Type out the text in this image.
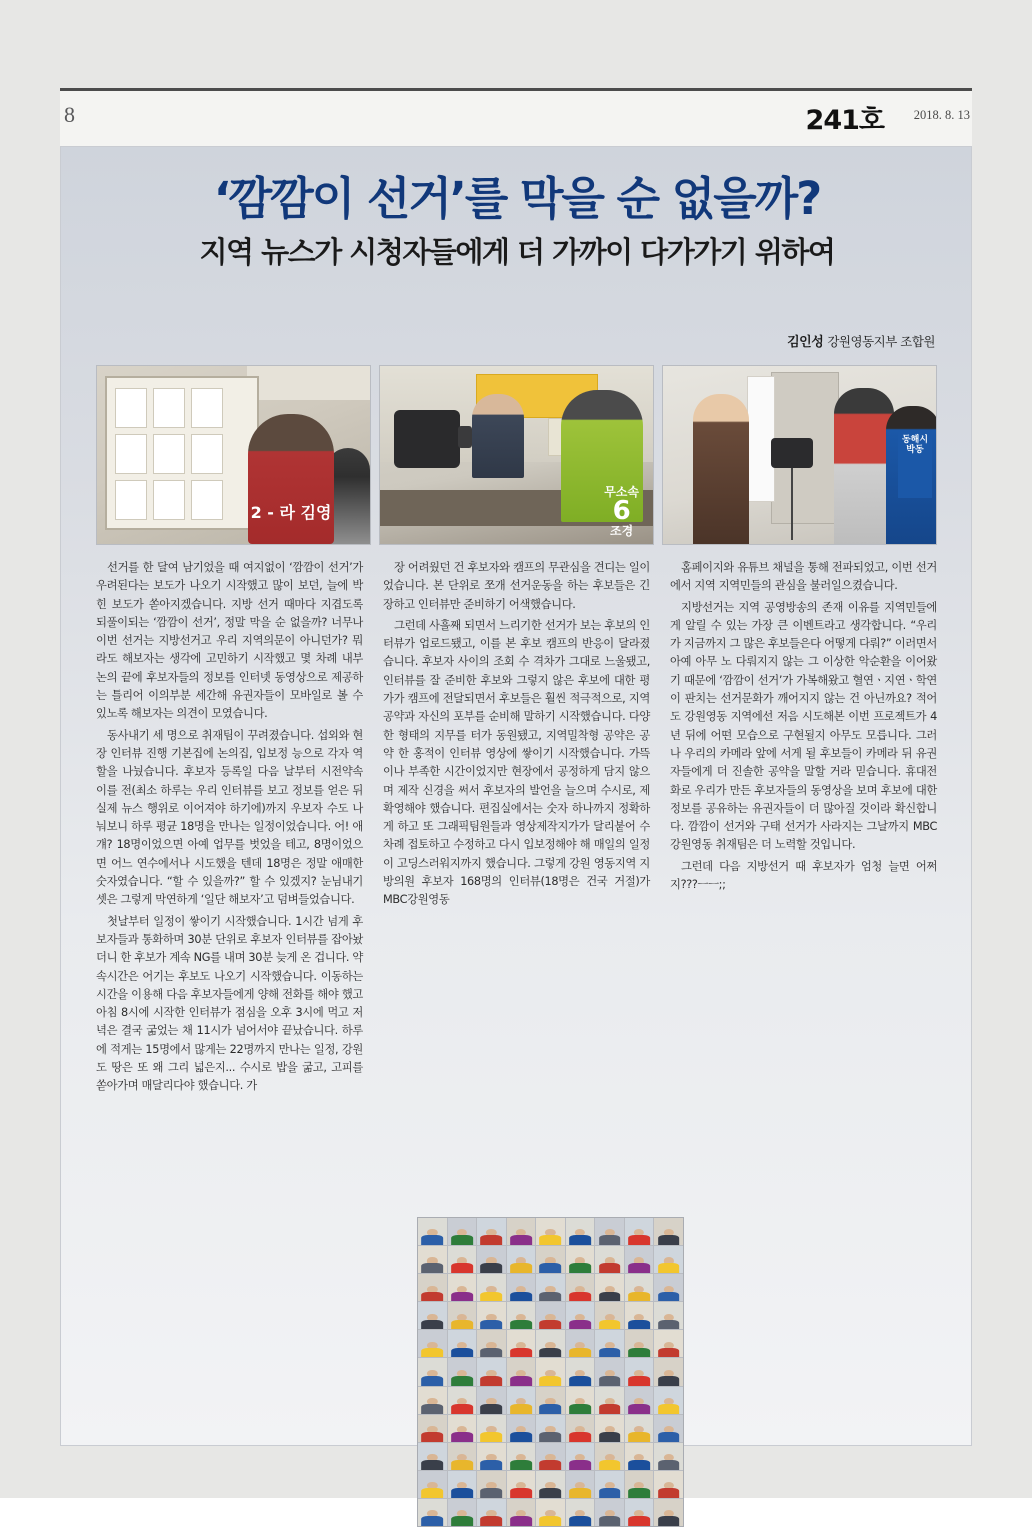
8	241호 2018. 8. 13
‘깜깜이 선거’를 막을 순 없을까?
지역 뉴스가 시청자들에게 더 가까이 다가가기 위하여
김인성 강원영동지부 조합원
2 - 라 김영
무소속
6
조경
동해시 박동

선거를 한 달여 남기었을 때 여지없이 ‘깜깜이 선거’가 우려된다는 보도가 나오기 시작했고 많이 보던, 늘에 박힌 보도가 쏟아지겠습니다. 지방 선거 때마다 지겹도록 되풀이되는 ‘깜깜이 선거’, 정말 막을 순 없을까? 너무나 이번 선거는 지방선거고 우리 지역의문이 아니던가? 뭐라도 해보자는 생각에 고민하기 시작했고 몇 차례 내부 논의 끝에 후보자들의 정보를 인터넷 동영상으로 제공하는 틀리어 이의부분 세간해 유권자들이 모바일로 볼 수 있노록 해보자는 의견이 모였습니다.

동사내기 세 명으로 취재팀이 꾸려졌습니다. 섭외와 현장 인터뷰 진행 기본집에 논의집, 입보정 능으로 각자 역할을 나눴습니다. 후보자 등록일 다음 날부터 시전약속 이를 전(최소 하루는 우리 인터뷰를 보고 정보를 얻은 뒤 실제 뉴스 행위로 이어져야 하기에)까지 우보자 수도 나눠보니 하루 평균 18명을 만나는 일정이었습니다. 어! 애걔? 18명이었으면 아예 업무를 벗었을 테고, 8명이었으면 어느 연수에서나 시도했을 텐데 18명은 정말 애매한 숫자였습니다. “할 수 있을까?” 할 수 있겠지? 눈님내기 셋은 그렇게 막연하게 ‘일단 해보자’고 덤벼들었습니다.

첫날부터 일정이 쌓이기 시작했습니다. 1시간 넘게 후보자들과 통화하며 30분 단위로 후보자 인터뷰를 잡아놨더니 한 후보가 계속 NG를 내며 30분 늦게 온 겁니다. 약속시간은 어기는 후보도 나오기 시작했습니다. 이동하는 시간을 이용해 다음 후보자들에게 양해 전화를 해야 했고 아침 8시에 시작한 인터뷰가 점심을 오후 3시에 먹고 저녁은 결국 굶었는 채 11시가 넘어서야 끝났습니다. 하루에 적게는 15명에서 많게는 22명까지 만나는 일정, 강원도 땅은 또 왜 그리 넓은지... 수시로 밥을 굶고, 고피를 쏟아가며 매달리다야 했습니다. 가

장 어려웠던 건 후보자와 캠프의 무관심을 견디는 일이었습니다. 본 단위로 쪼개 선거운동을 하는 후보들은 긴장하고 인터뷰만 준비하기 어색했습니다.

그런데 사흘째 되면서 느리기한 선거가 보는 후보의 인터뷰가 업로드됐고, 이를 본 후보 캠프의 반응이 달라졌습니다. 후보자 사이의 조회 수 격차가 그대로 느울됐고, 인터뷰를 잘 준비한 후보와 그렇지 않은 후보에 대한 평가가 캠프에 전달되면서 후보들은 훨씬 적극적으로, 지역 공약과 자신의 포부를 순비해 말하기 시작했습니다. 다양한 형태의 지무를 터가 동원됐고, 지역밀착형 공약은 공약 한 홍적이 인터뷰 영상에 쌓이기 시작했습니다. 가뜩이나 부족한 시간이었지만 현장에서 공정하게 담지 않으며 제작 신경을 써서 후보자의 발언을 늘으며 수시로, 제확영해야 했습니다. 편집실에서는 숫자 하나까지 정확하게 하고 또 그래픽팀원들과 영상제작지가가 달리붙어 수 차례 접토하고 수정하고 다시 입보정해야 해 매일의 일정이 고딩스러워지까지 했습니다. 그렇게 강원 영동지역 지방의원 후보자 168명의 인터뷰(18명은 건국 거절)가 MBC강원영동

홈페이지와 유튜브 채널을 통해 전파되었고, 이번 선거에서 지역 지역민들의 관심을 불러일으켰습니다.

지방선거는 지역 공영방송의 존재 이유를 지역민들에게 알릴 수 있는 가장 큰 이벤트라고 생각합니다. “우리가 지금까지 그 많은 후보들은다 어떻게 다뤄?” 이러면서 아예 아무 노 다뤄지지 않는 그 이상한 악순환을 이어왔기 때문에 ‘깜깜이 선거’가 가복해왔고 혈연ㆍ지연ㆍ학연이 판치는 선거문화가 깨어지지 않는 건 아닌까요? 적어도 강원영동 지역에선 저음 시도해본 이번 프로젝트가 4년 뒤에 어떤 모습으로 구현될지 아무도 모릅니다. 그러나 우리의 카메라 앞에 서게 될 후보들이 카메라 뒤 유권자들에게 더 진솔한 공약을 말할 거라 믿습니다. 휴대전화로 우리가 만든 후보자들의 동영상을 보며 후보에 대한 정보를 공유하는 유권자들이 더 많아질 것이라 확신합니다. 깜깜이 선거와 구태 선거가 사라지는 그날까지 MBC강원영동 취재팀은 더 노력할 것입니다.

그런데 다음 지방선거 때 후보자가 엄청 늘면 어쩌지???ㅡㅡ;;
